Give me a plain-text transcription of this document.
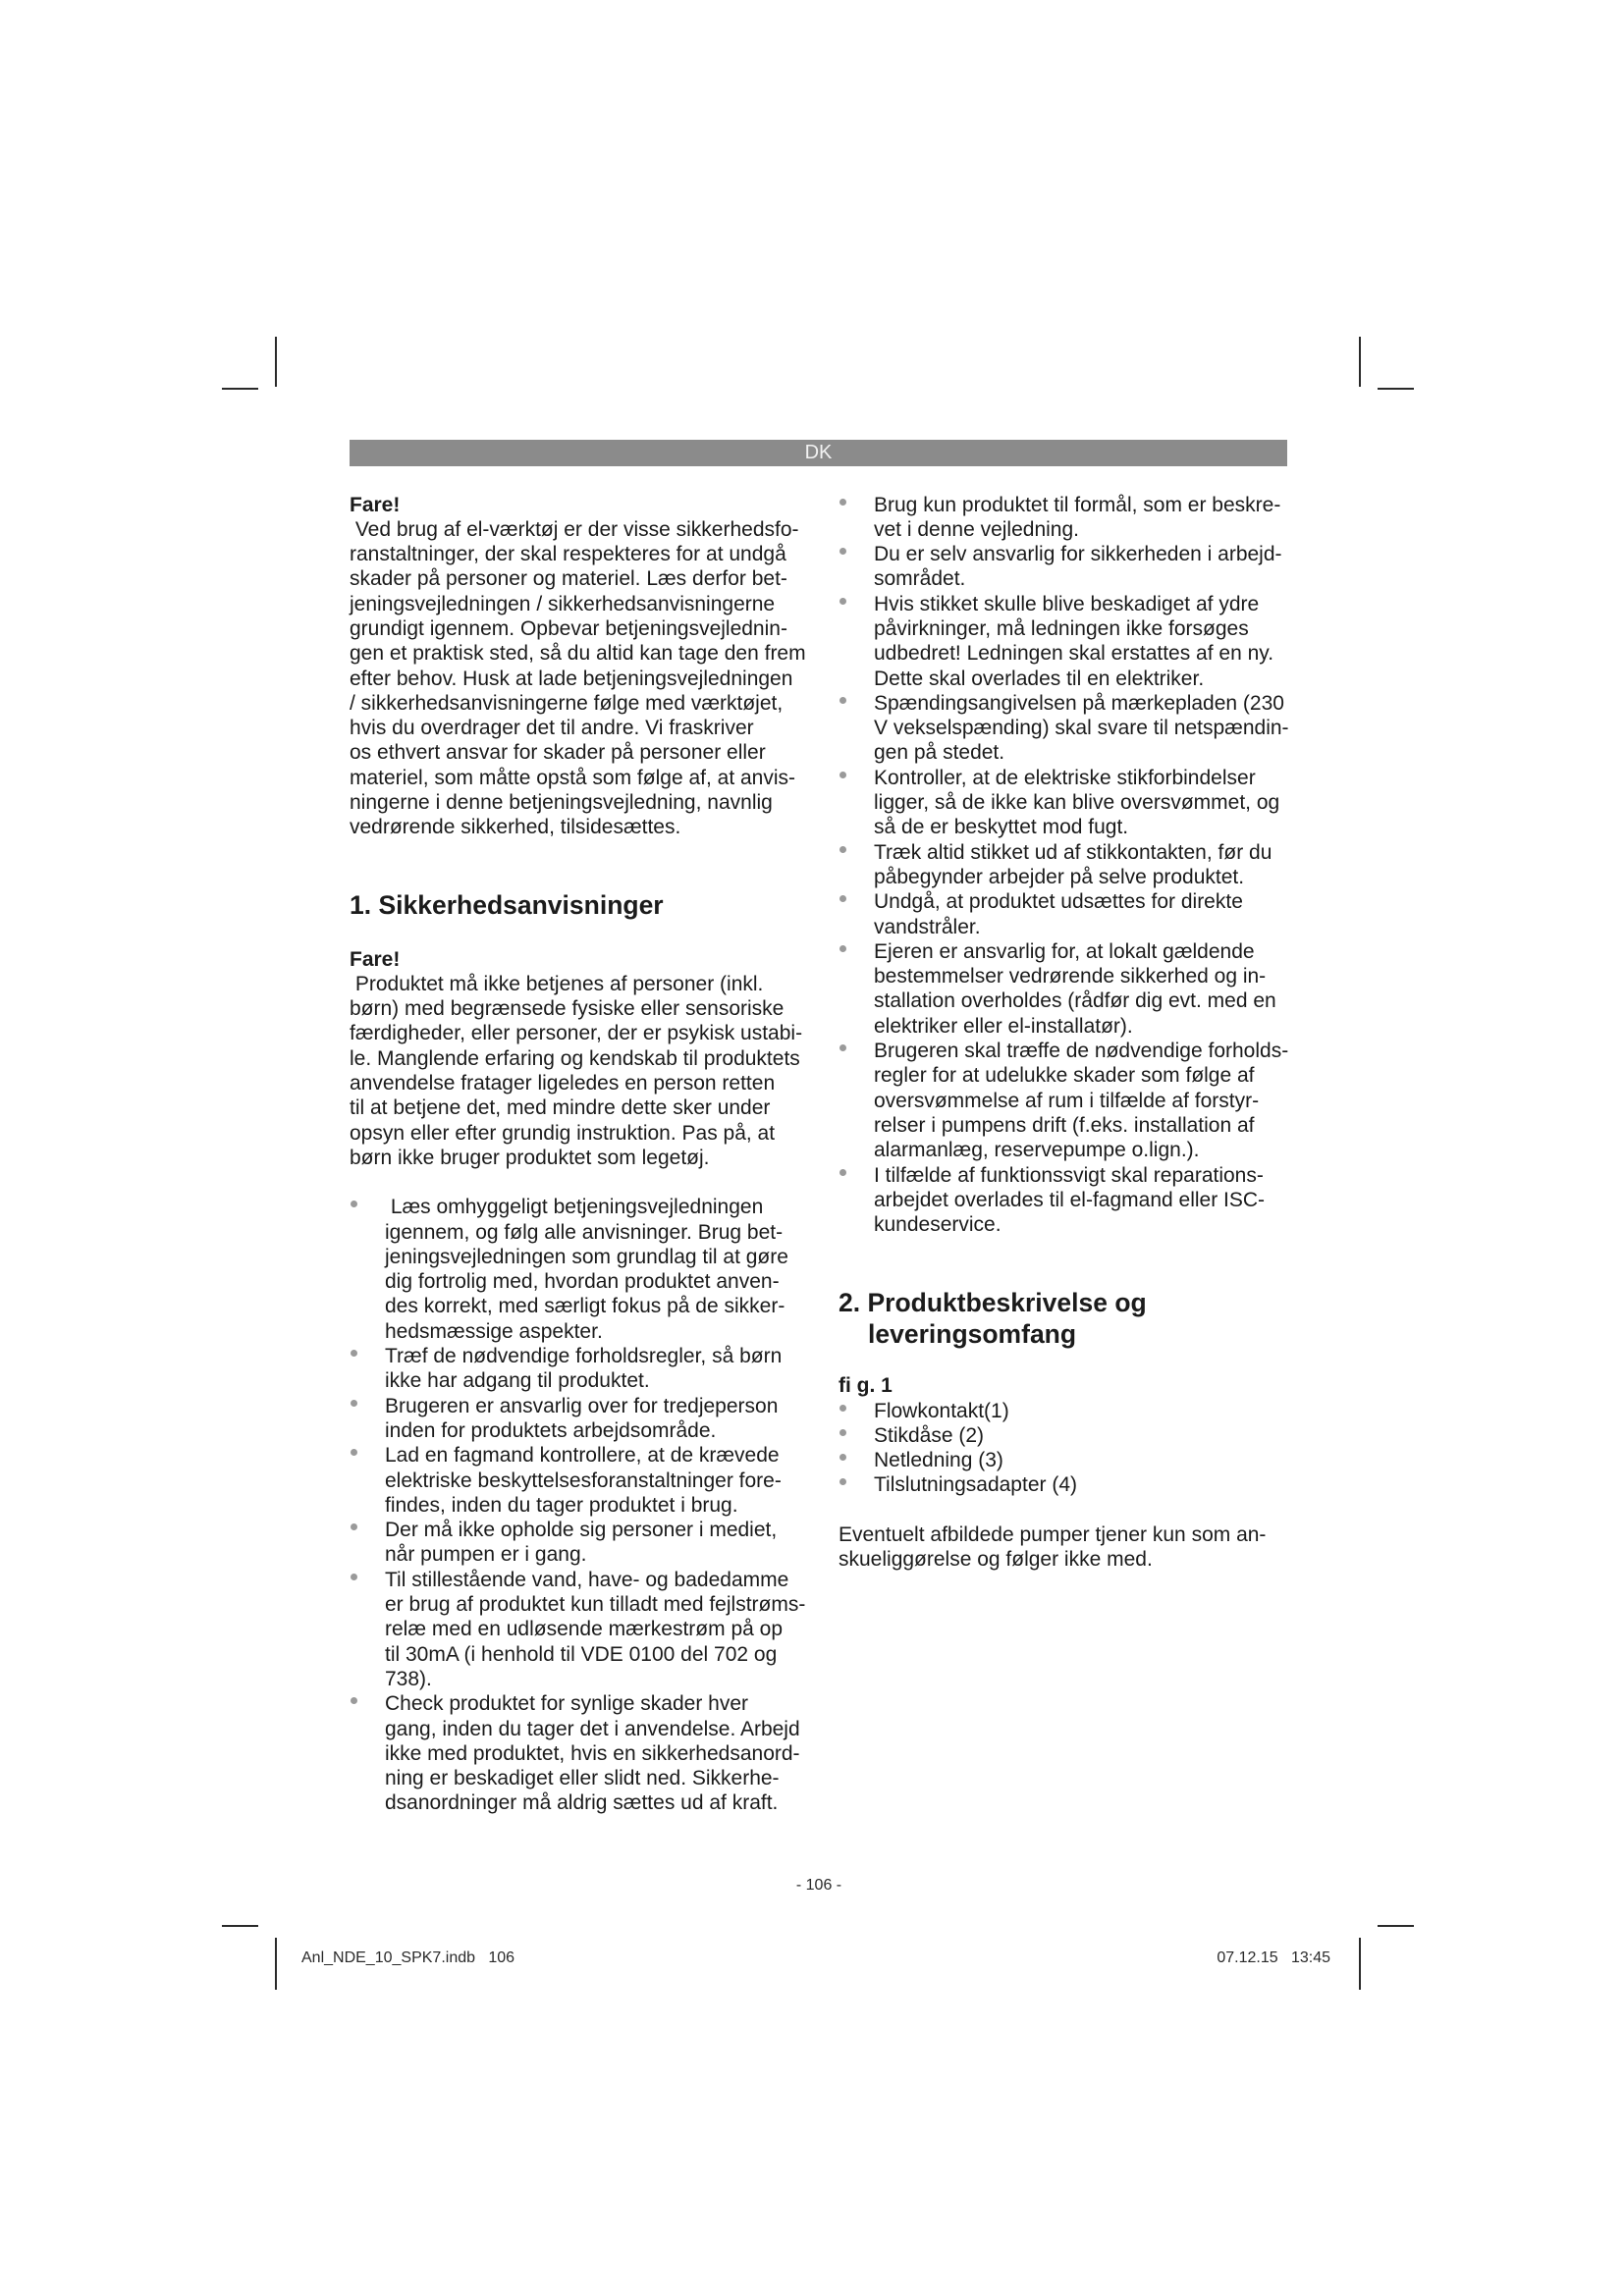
DK
Fare!
Ved brug af el-værktøj er der visse sikkerhedsfo-
ranstaltninger, der skal respekteres for at undgå
skader på personer og materiel. Læs derfor bet-
jeningsvejledningen / sikkerhedsanvisningerne
grundigt igennem. Opbevar betjeningsvejlednin-
gen et praktisk sted, så du altid kan tage den frem
efter behov. Husk at lade betjeningsvejledningen
/ sikkerhedsanvisningerne følge med værktøjet,
hvis du overdrager det til andre. Vi fraskriver
os ethvert ansvar for skader på personer eller
materiel, som måtte opstå som følge af, at anvis-
ningerne i denne betjeningsvejledning, navnlig
vedrørende sikkerhed, tilsidesættes.
1. Sikkerhedsanvisninger
Fare!
Produktet må ikke betjenes af personer (inkl.
børn) med begrænsede fysiske eller sensoriske
færdigheder, eller personer, der er psykisk ustabi-
le. Manglende erfaring og kendskab til produktets
anvendelse fratager ligeledes en person retten
til at betjene det, med mindre dette sker under
opsyn eller efter grundig instruktion. Pas på, at
børn ikke bruger produktet som legetøj.
Læs omhyggeligt betjeningsvejledningen
igennem, og følg alle anvisninger. Brug bet-
jeningsvejledningen som grundlag til at gøre
dig fortrolig med, hvordan produktet anven-
des korrekt, med særligt fokus på de sikker-
hedsmæssige aspekter.
Træf de nødvendige forholdsregler, så børn
ikke har adgang til produktet.
Brugeren er ansvarlig over for tredjeperson
inden for produktets arbejdsområde.
Lad en fagmand kontrollere, at de krævede
elektriske beskyttelsesforanstaltninger fore-
findes, inden du tager produktet i brug.
Der må ikke opholde sig personer i mediet,
når pumpen er i gang.
Til stillestående vand, have- og badedamme
er brug af produktet kun tilladt med fejlstrøms-
relæ med en udløsende mærkestrøm på op
til 30mA (i henhold til VDE 0100 del 702 og
738).
Check produktet for synlige skader hver
gang, inden du tager det i anvendelse. Arbejd
ikke med produktet, hvis en sikkerhedsanord-
ning er beskadiget eller slidt ned. Sikkerhe-
dsanordninger må aldrig sættes ud af kraft.
Brug kun produktet til formål, som er beskre-
vet i denne vejledning.
Du er selv ansvarlig for sikkerheden i arbejd-
sområdet.
Hvis stikket skulle blive beskadiget af ydre
påvirkninger, må ledningen ikke forsøges
udbedret! Ledningen skal erstattes af en ny.
Dette skal overlades til en elektriker.
Spændingsangivelsen på mærkepladen (230
V vekselspænding) skal svare til netspændin-
gen på stedet.
Kontroller, at de elektriske stikforbindelser
ligger, så de ikke kan blive oversvømmet, og
så de er beskyttet mod fugt.
Træk altid stikket ud af stikkontakten, før du
påbegynder arbejder på selve produktet.
Undgå, at produktet udsættes for direkte
vandstråler.
Ejeren er ansvarlig for, at lokalt gældende
bestemmelser vedrørende sikkerhed og in-
stallation overholdes (rådfør dig evt. med en
elektriker eller el-installatør).
Brugeren skal træffe de nødvendige forholds-
regler for at udelukke skader som følge af
oversvømmelse af rum i tilfælde af forstyr-
relser i pumpens drift (f.eks. installation af
alarmanlæg, reservepumpe o.lign.).
I tilfælde af funktionssvigt skal reparations-
arbejdet overlades til el-fagmand eller ISC-
kundeservice.
2. Produktbeskrivelse og
leveringsomfang
fi g. 1
Flowkontakt(1)
Stikdåse (2)
Netledning (3)
Tilslutningsadapter (4)
Eventuelt afbildede pumper tjener kun som an-
skueliggørelse og følger ikke med.
- 106 -
Anl_NDE_10_SPK7.indb   106	07.12.15   13:45
